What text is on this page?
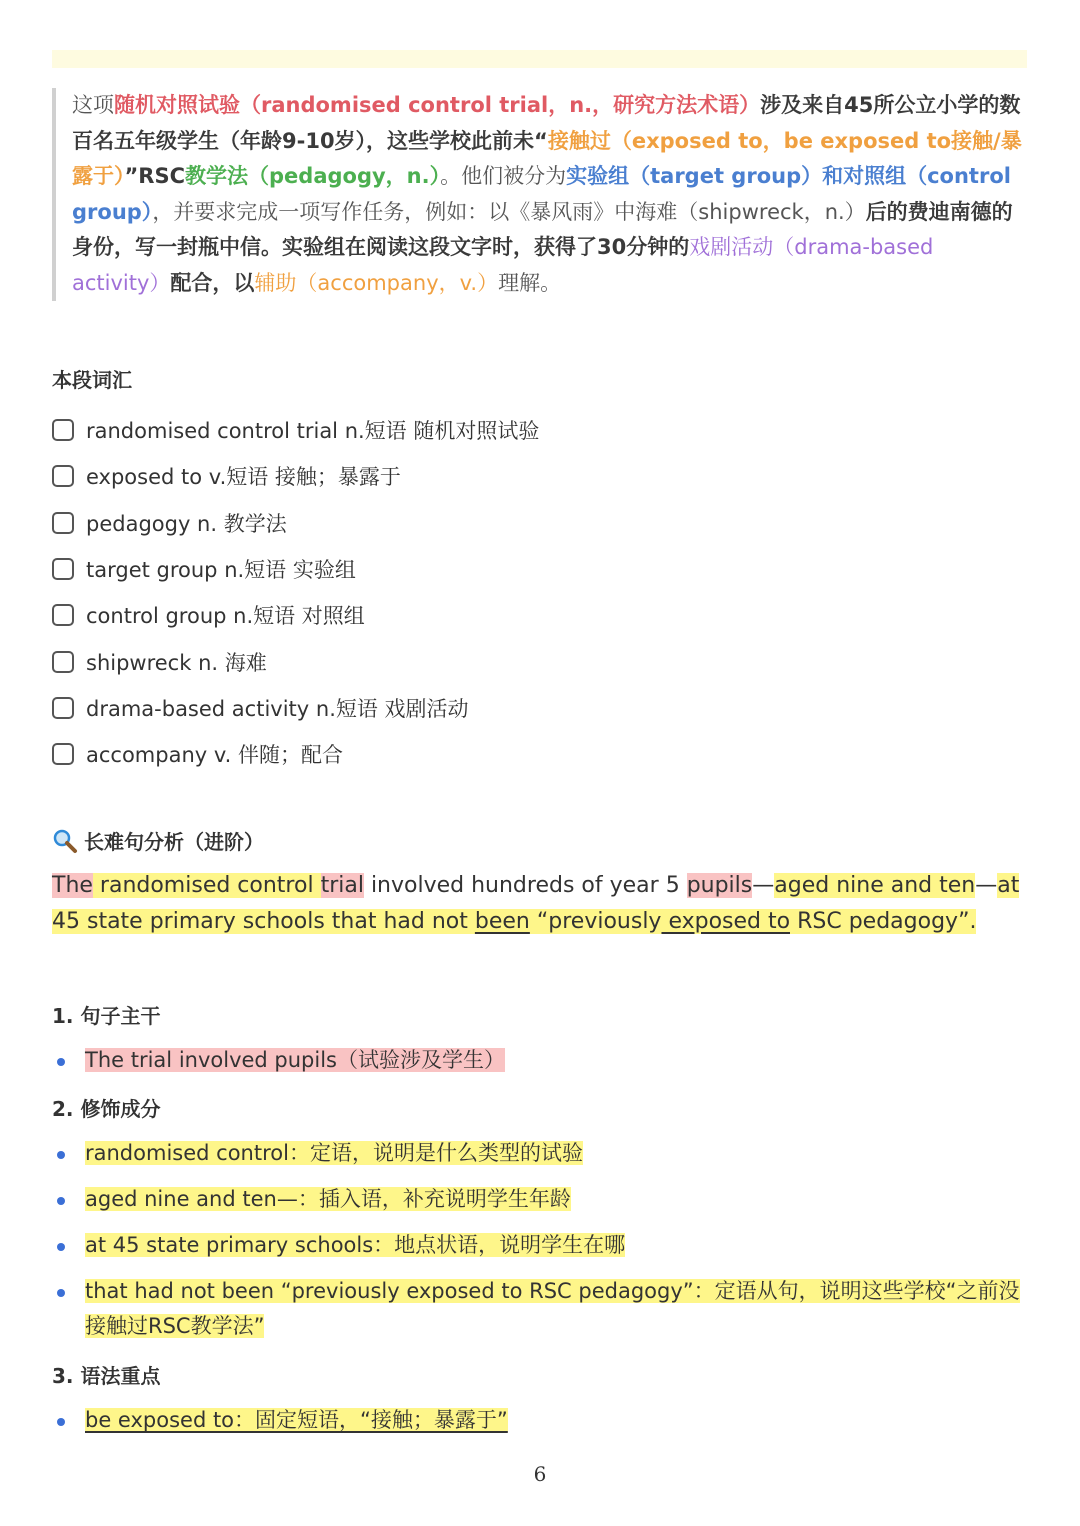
这项随机对照试验（randomised control trial，n.，研究方法术语）涉及来自45所公立小学的数百名五年级学生（年龄9-10岁），这些学校此前未“接触过（exposed to，be exposed to接触/暴露于）”RSC教学法（pedagogy，n.）。他们被分为实验组（target group）和对照组（control group），并要求完成一项写作任务，例如：以《暴风雨》中海难（shipwreck，n.）后的费迪南德的身份，写一封瓶中信。实验组在阅读这段文字时，获得了30分钟的戏剧活动（drama-based activity）配合，以辅助（accompany，v.）理解。
本段词汇
randomised control trial n.短语 随机对照试验
exposed to v.短语 接触；暴露于
pedagogy n. 教学法
target group n.短语 实验组
control group n.短语 对照组
shipwreck n. 海难
drama-based activity n.短语 戏剧活动
accompany v. 伴随；配合
长难句分析（进阶）
The randomised control trial involved hundreds of year 5 pupils—aged nine and ten—at 45 state primary schools that had not been “previously exposed to RSC pedagogy”.
1. 句子主干
The trial involved pupils（试验涉及学生）
2. 修饰成分
randomised control：定语，说明是什么类型的试验
aged nine and ten—：插入语，补充说明学生年龄
at 45 state primary schools：地点状语，说明学生在哪
that had not been “previously exposed to RSC pedagogy”：定语从句，说明这些学校“之前没接触过RSC教学法”
3. 语法重点
be exposed to：固定短语，“接触；暴露于”
6
